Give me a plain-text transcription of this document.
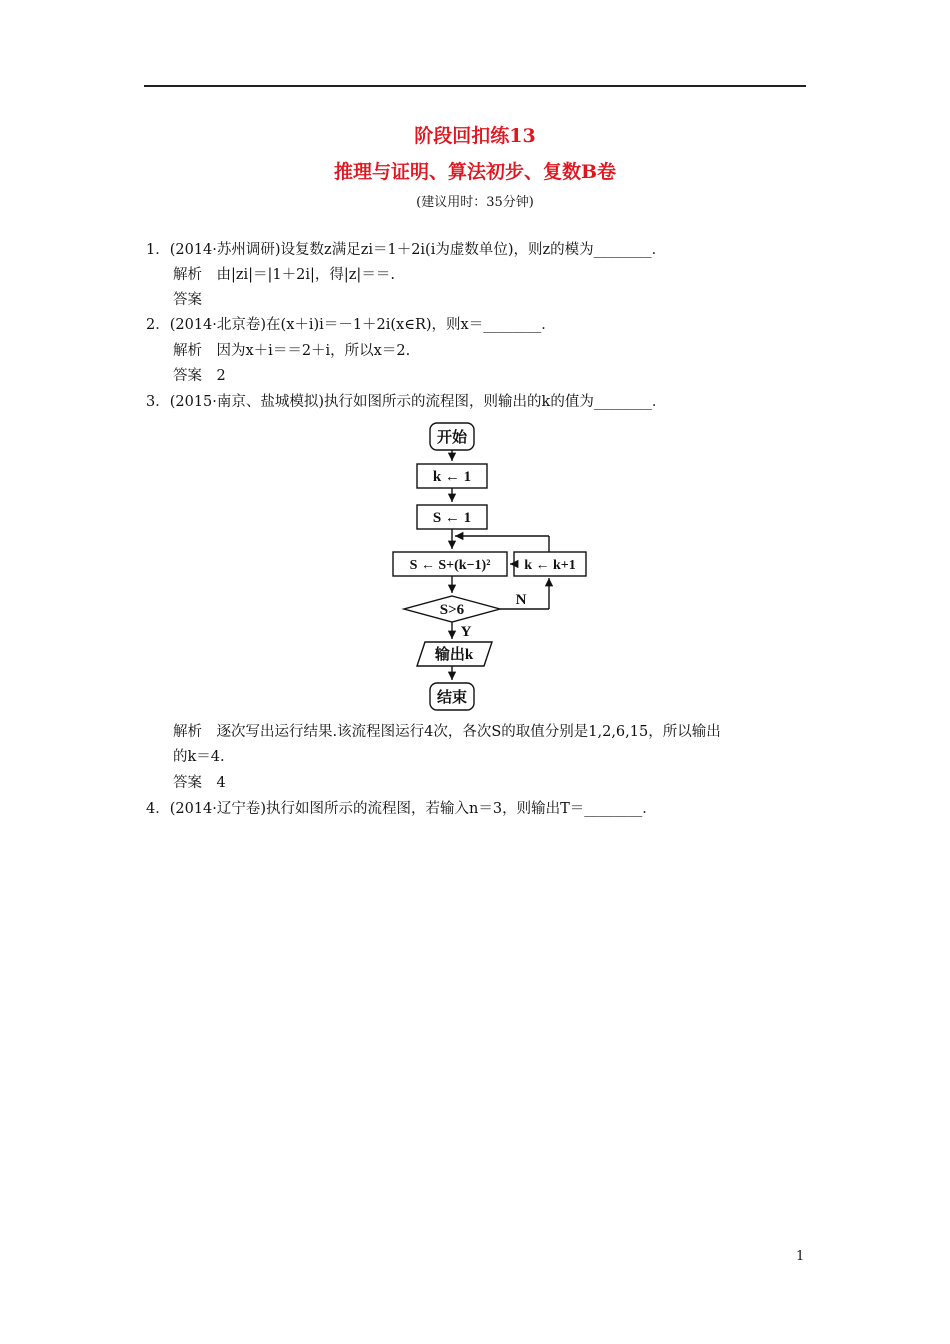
阶段回扣练13
推理与证明、算法初步、复数B卷
(建议用时：35分钟)
1．(2014·苏州调研)设复数z满足zi＝1＋2i(i为虚数单位)，则z的模为________．
解析　由|zi|＝|1＋2i|，得|z|＝＝.
答案
2．(2014·北京卷)在(x＋i)i＝－1＋2i(x∈R)，则x＝________．
解析　因为x＋i＝＝2＋i，所以x＝2.
答案　2
3．(2015·南京、盐城模拟)执行如图所示的流程图，则输出的k的值为________．
开始
k ← 1
S ← 1
S ← S+(k−1)² k ← k+1
S>6
N
Y
输出k
结束
解析　逐次写出运行结果.该流程图运行4次，各次S的取值分别是1,2,6,15，所以输出
的k＝4.
答案　4
4．(2014·辽宁卷)执行如图所示的流程图，若输入n＝3，则输出T＝________．
1
